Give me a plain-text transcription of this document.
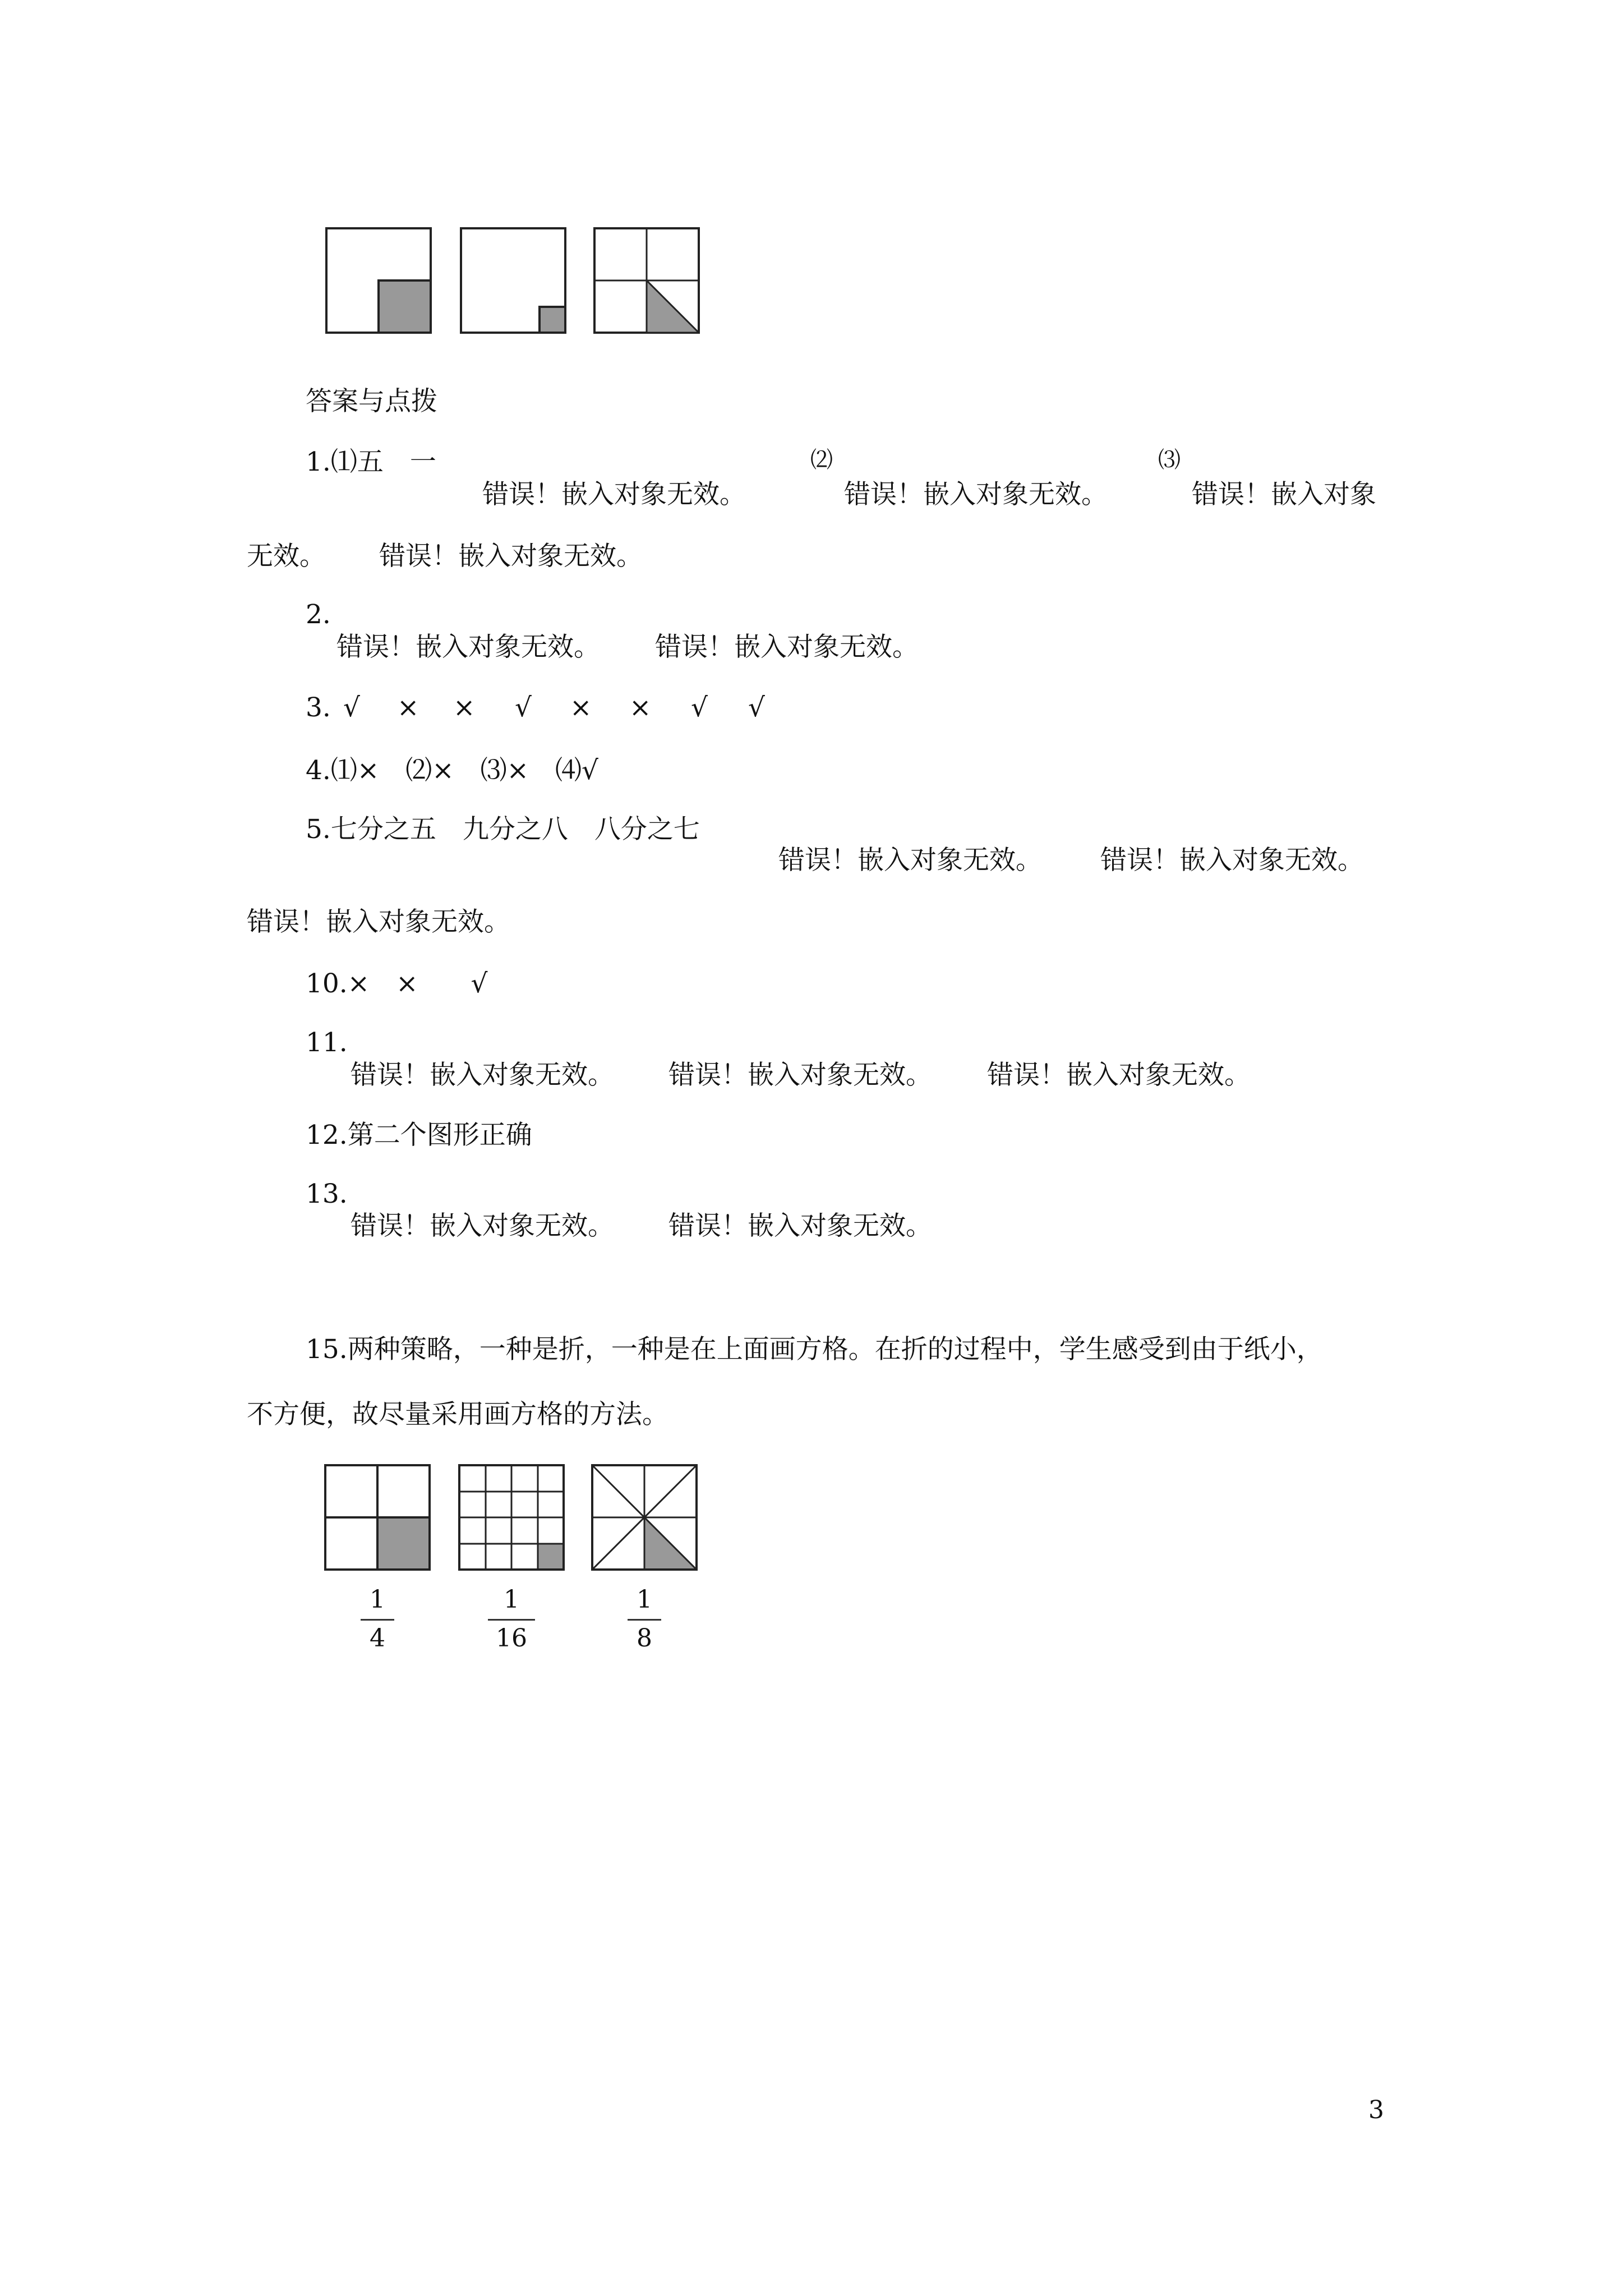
答案与点拨
1.⑴五　一	⑵	⑶
错误！嵌入对象无效。	错误！嵌入对象无效。	错误！嵌入对象
无效。 错误！嵌入对象无效。
2.
错误！嵌入对象无效。 错误！嵌入对象无效。
3. √ × × √ × × √ √
4.⑴×　⑵×　⑶×　⑷√
5.七分之五　九分之八　八分之七
错误！嵌入对象无效。 错误！嵌入对象无效。
错误！嵌入对象无效。
10.×　×　　√
11.
错误！嵌入对象无效。 错误！嵌入对象无效。 错误！嵌入对象无效。
12.第二个图形正确
13.
错误！嵌入对象无效。 错误！嵌入对象无效。
15.两种策略，一种是折，一种是在上面画方格。在折的过程中，学生感受到由于纸小，
不方便，故尽量采用画方格的方法。
1
4
1
16
1
8
3
